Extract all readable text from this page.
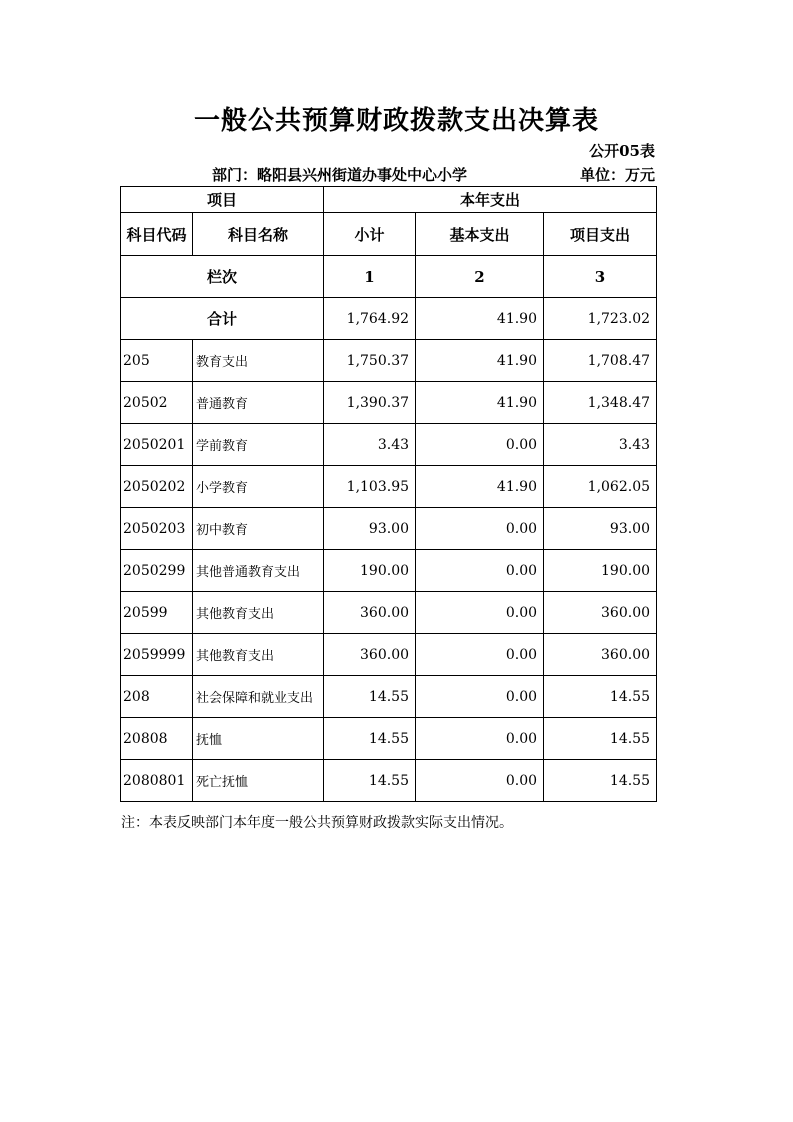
一般公共预算财政拨款支出决算表
公开05表
部门：略阳县兴州街道办事处中心小学	单位：万元
项目		本年支出		
科目代码	科目名称	小计	基本支出	项目支出
栏次		1	2	3
合计		1,764.92	41.90	1,723.02
205	教育支出	1,750.37	41.90	1,708.47
20502	普通教育	1,390.37	41.90	1,348.47
2050201	学前教育	3.43	0.00	3.43
2050202	小学教育	1,103.95	41.90	1,062.05
2050203	初中教育	93.00	0.00	93.00
2050299	其他普通教育支出	190.00	0.00	190.00
20599	其他教育支出	360.00	0.00	360.00
2059999	其他教育支出	360.00	0.00	360.00
208	社会保障和就业支出	14.55	0.00	14.55
20808	抚恤	14.55	0.00	14.55
2080801	死亡抚恤	14.55	0.00	14.55
注：本表反映部门本年度一般公共预算财政拨款实际支出情况。
